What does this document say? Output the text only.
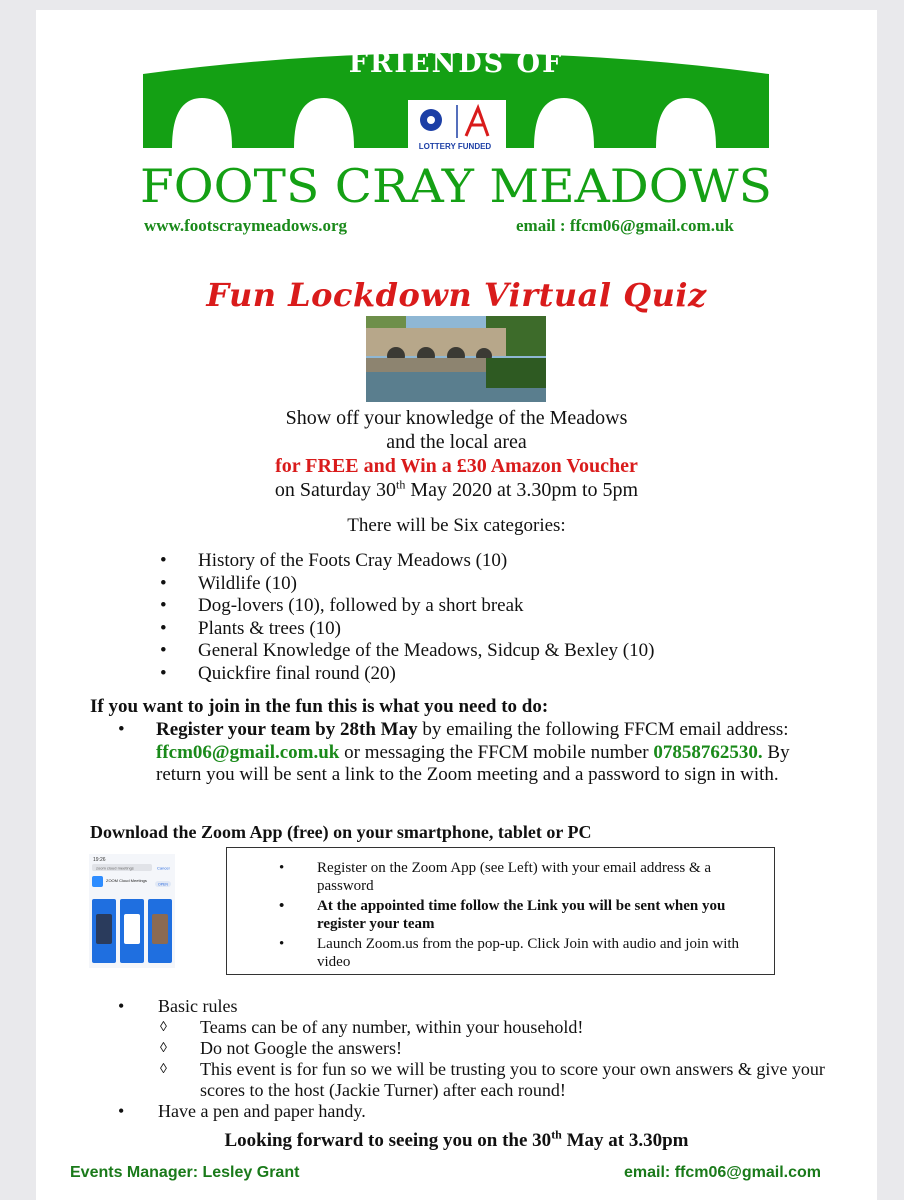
FRIENDS OF
LOTTERY FUNDED
FOOTS CRAY MEADOWS
www.footscraymeadows.org	email : ffcm06@gmail.com.uk
Fun Lockdown Virtual Quiz
Show off your knowledge of the Meadows
and the local area
for FREE and Win a £30 Amazon Voucher
on Saturday 30th May 2020 at 3.30pm to 5pm
There will be Six categories:
• History of the Foots Cray Meadows (10)
• Wildlife (10)
• Dog-lovers (10), followed by a short break
• Plants & trees (10)
• General Knowledge of the Meadows, Sidcup & Bexley (10)
• Quickfire final round (20)
If you want to join in the fun this is what you need to do:
• Register your team by 28th May by emailing the following FFCM email address: ffcm06@gmail.com.uk or messaging the FFCM mobile number 07858762530. By return you will be sent a link to the Zoom meeting and a password to sign in with.
Download the Zoom App (free) on your smartphone, tablet or PC
19:26
zoom cloud meetings	Cancel
ZOOM Cloud Meetings
OPEN
• Register on the Zoom App (see Left) with your email address & a password
• At the appointed time follow the Link you will be sent when you register your team
• Launch Zoom.us from the pop-up. Click Join with audio and join with video
• Basic rules
◊ Teams can be of any number, within your household!
◊ Do not Google the answers!
◊ This event is for fun so we will be trusting you to score your own answers & give your scores to the host (Jackie Turner) after each round!
• Have a pen and paper handy.
Looking forward to seeing you on the 30th May at 3.30pm
Events Manager: Lesley Grant	email: ffcm06@gmail.com
